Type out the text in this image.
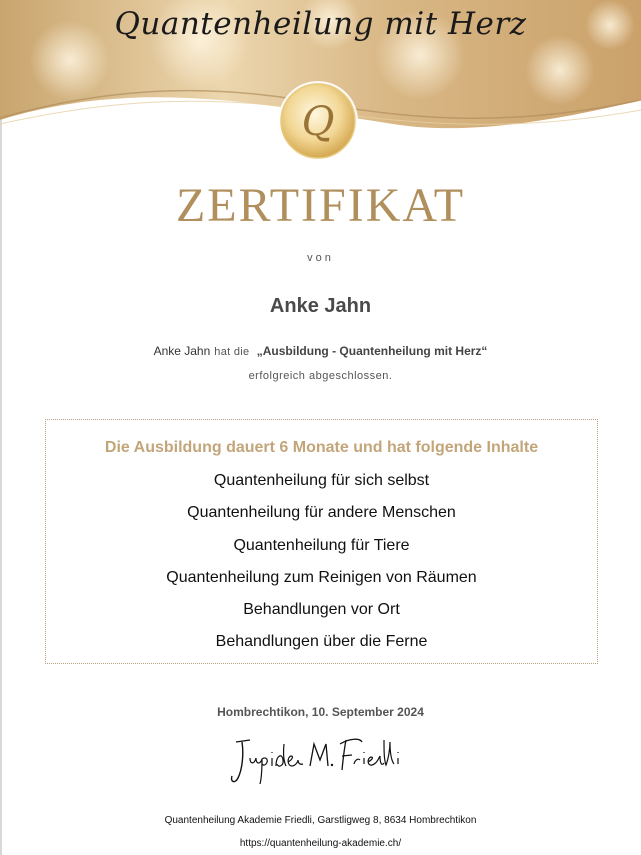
Quantenheilung mit Herz
Q
ZERTIFIKAT
von
Anke Jahn
Anke Jahn hat die „Ausbildung - Quantenheilung mit Herz“
erfolgreich abgeschlossen.
Die Ausbildung dauert 6 Monate und hat folgende Inhalte
Quantenheilung für sich selbst
Quantenheilung für andere Menschen
Quantenheilung für Tiere
Quantenheilung zum Reinigen von Räumen
Behandlungen vor Ort
Behandlungen über die Ferne
Hombrechtikon, 10. September 2024
Quantenheilung Akademie Friedli, Garstligweg 8, 8634 Hombrechtikon
https://quantenheilung-akademie.ch/
